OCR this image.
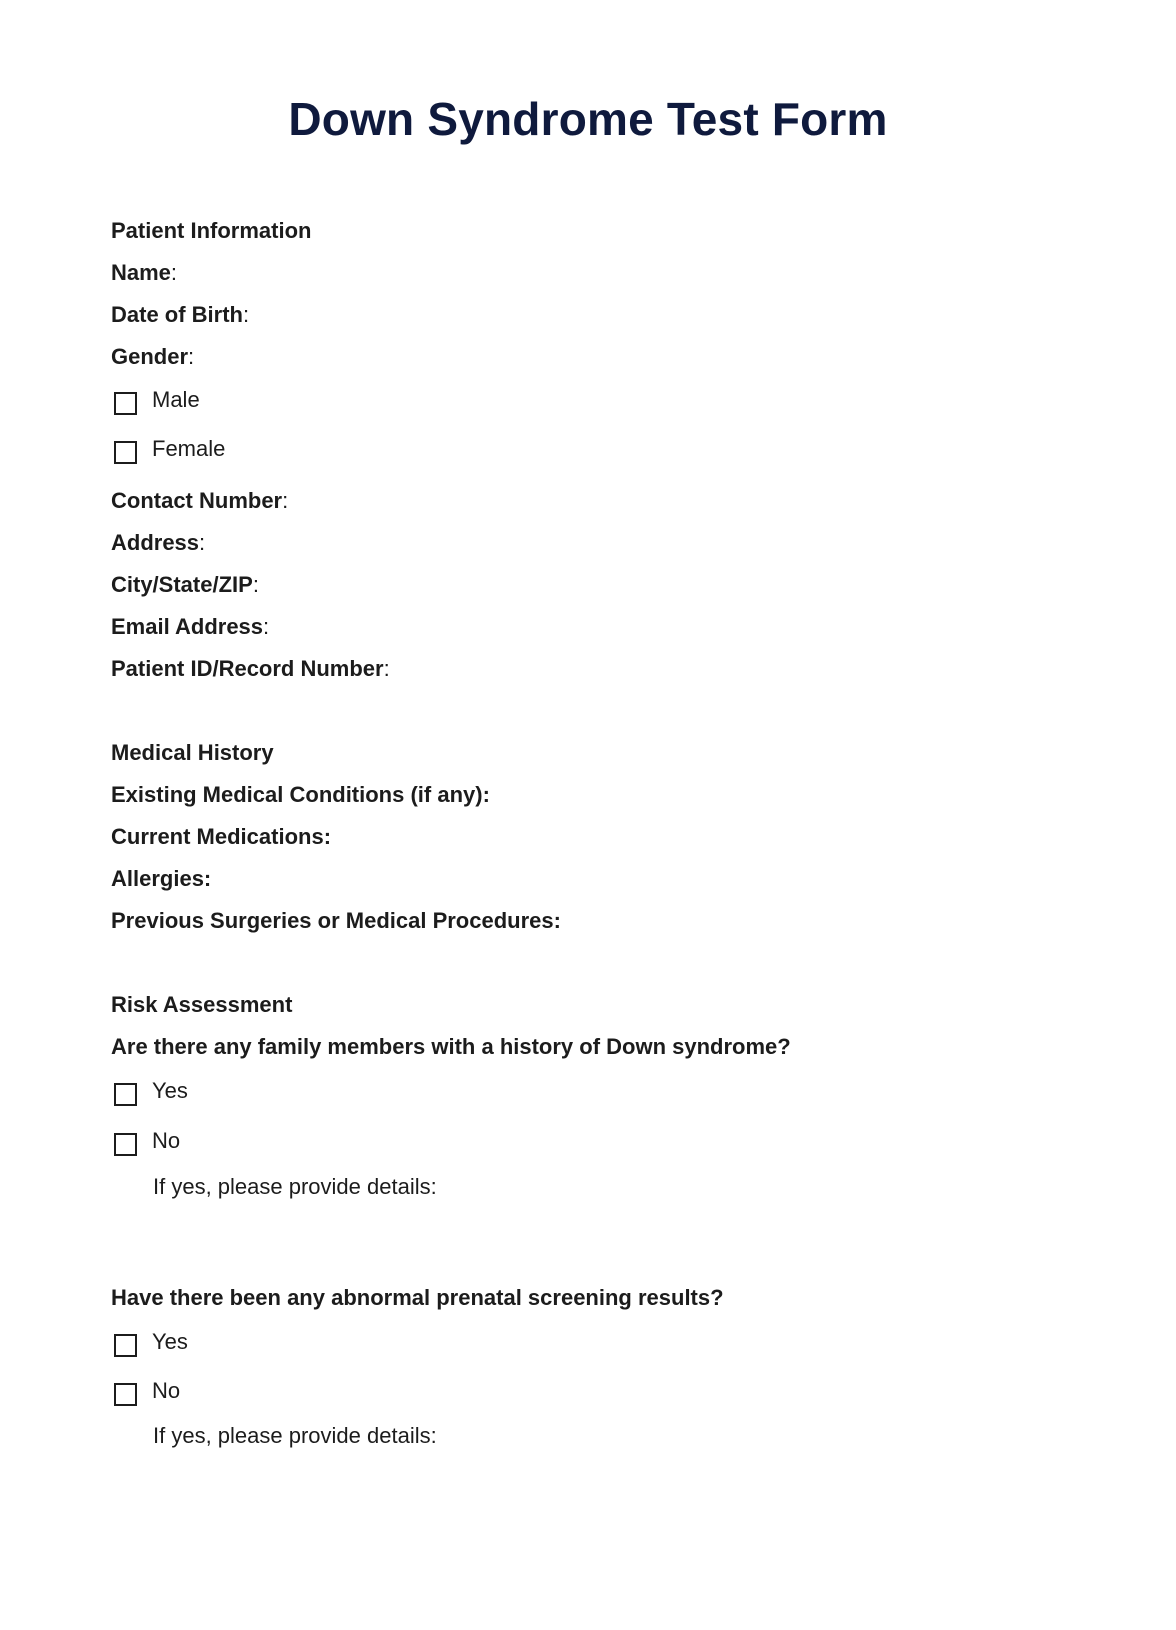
Down Syndrome Test Form
Patient Information
Name:
Date of Birth:
Gender:
Male
Female
Contact Number:
Address:
City/State/ZIP:
Email Address:
Patient ID/Record Number:
Medical History
Existing Medical Conditions (if any):
Current Medications:
Allergies:
Previous Surgeries or Medical Procedures:
Risk Assessment
Are there any family members with a history of Down syndrome?
Yes
No
If yes, please provide details:
Have there been any abnormal prenatal screening results?
Yes
No
If yes, please provide details:
